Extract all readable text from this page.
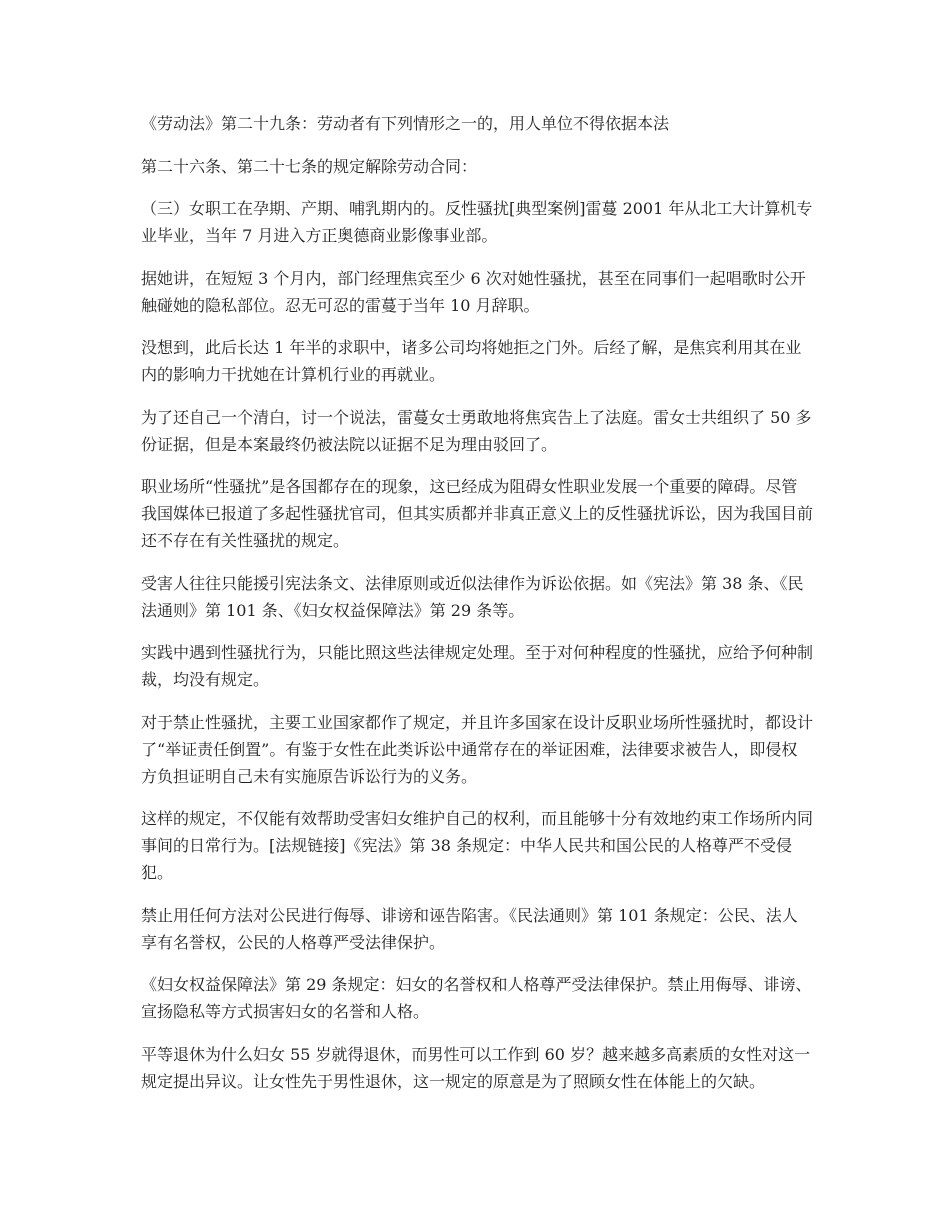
《劳动法》第二十九条：劳动者有下列情形之一的，用人单位不得依据本法

第二十六条、第二十七条的规定解除劳动合同：

（三）女职工在孕期、产期、哺乳期内的。反性骚扰[典型案例]雷蔓 2001 年从北工大计算机专业毕业，当年 7 月进入方正奥德商业影像事业部。

据她讲，在短短 3 个月内，部门经理焦宾至少 6 次对她性骚扰，甚至在同事们一起唱歌时公开触碰她的隐私部位。忍无可忍的雷蔓于当年 10 月辞职。

没想到，此后长达 1 年半的求职中，诸多公司均将她拒之门外。后经了解，是焦宾利用其在业内的影响力干扰她在计算机行业的再就业。

为了还自己一个清白，讨一个说法，雷蔓女士勇敢地将焦宾告上了法庭。雷女士共组织了 50 多份证据，但是本案最终仍被法院以证据不足为理由驳回了。

职业场所“性骚扰”是各国都存在的现象，这已经成为阻碍女性职业发展一个重要的障碍。尽管我国媒体已报道了多起性骚扰官司，但其实质都并非真正意义上的反性骚扰诉讼，因为我国目前还不存在有关性骚扰的规定。

受害人往往只能援引宪法条文、法律原则或近似法律作为诉讼依据。如《宪法》第 38 条、《民法通则》第 101 条、《妇女权益保障法》第 29 条等。

实践中遇到性骚扰行为，只能比照这些法律规定处理。至于对何种程度的性骚扰，应给予何种制裁，均没有规定。

对于禁止性骚扰，主要工业国家都作了规定，并且许多国家在设计反职业场所性骚扰时，都设计了“举证责任倒置”。有鉴于女性在此类诉讼中通常存在的举证困难，法律要求被告人，即侵权方负担证明自己未有实施原告诉讼行为的义务。

这样的规定，不仅能有效帮助受害妇女维护自己的权利，而且能够十分有效地约束工作场所内同事间的日常行为。[法规链接]《宪法》第 38 条规定：中华人民共和国公民的人格尊严不受侵犯。

禁止用任何方法对公民进行侮辱、诽谤和诬告陷害。《民法通则》第 101 条规定：公民、法人享有名誉权，公民的人格尊严受法律保护。

《妇女权益保障法》第 29 条规定：妇女的名誉权和人格尊严受法律保护。禁止用侮辱、诽谤、宣扬隐私等方式损害妇女的名誉和人格。

平等退休为什么妇女 55 岁就得退休，而男性可以工作到 60 岁？越来越多高素质的女性对这一规定提出异议。让女性先于男性退休，这一规定的原意是为了照顾女性在体能上的欠缺。
